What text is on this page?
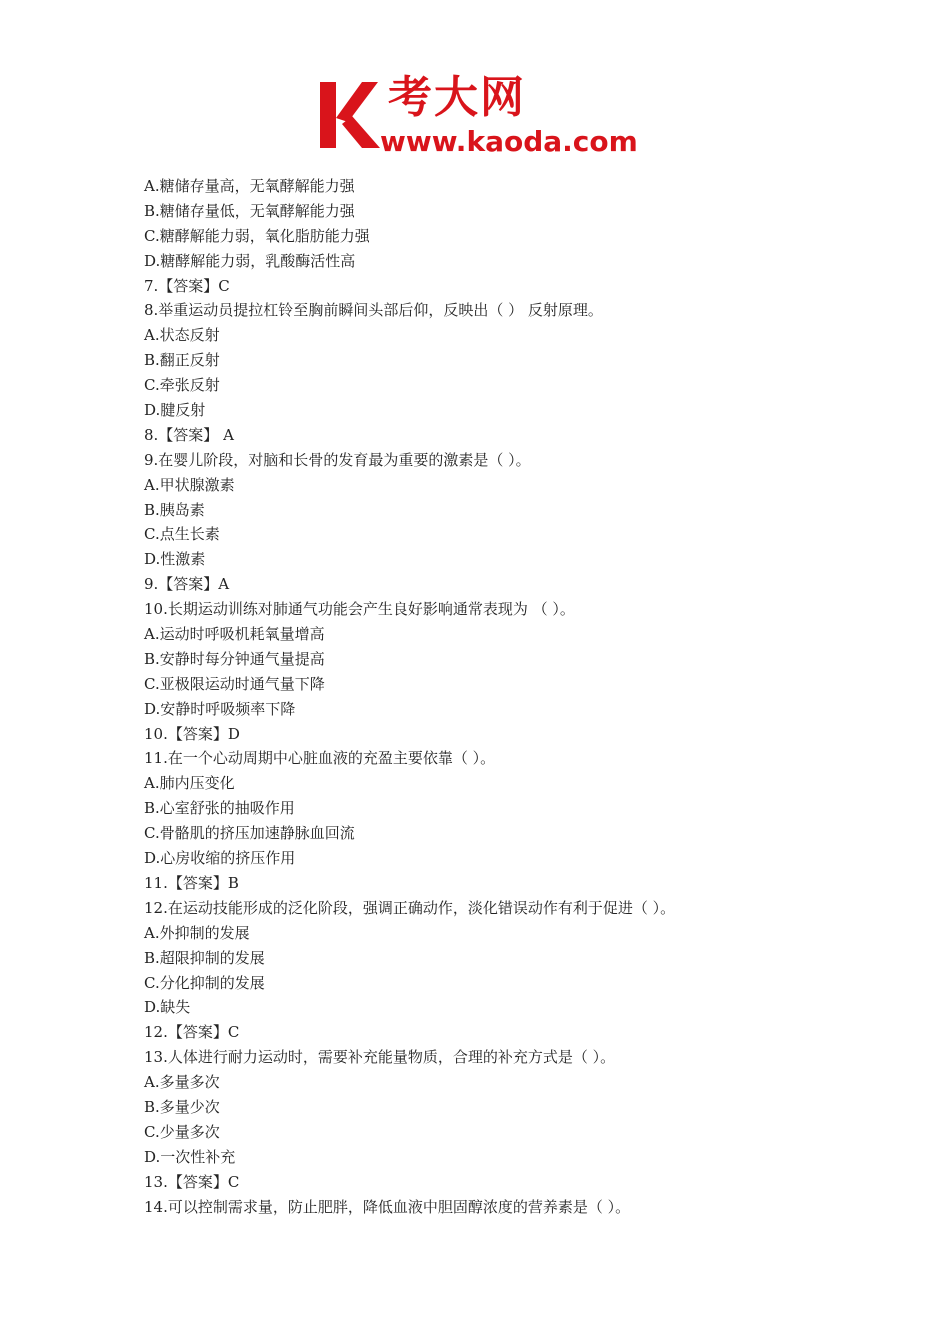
考大网
www.kaoda.com
A.糖储存量高，无氧酵解能力强
B.糖储存量低，无氧酵解能力强
C.糖酵解能力弱，氧化脂肪能力强
D.糖酵解能力弱，乳酸酶活性高
7.【答案】C
8.举重运动员提拉杠铃至胸前瞬间头部后仰，反映出（ ） 反射原理。
A.状态反射
B.翻正反射
C.牵张反射
D.腱反射
8.【答案】 A
9.在婴儿阶段，对脑和长骨的发育最为重要的激素是（ ）。
A.甲状腺激素
B.胰岛素
C.点生长素
D.性激素
9.【答案】A
10.长期运动训练对肺通气功能会产生良好影响通常表现为 （ ）。
A.运动时呼吸机耗氧量增高
B.安静时每分钟通气量提高
C.亚极限运动时通气量下降
D.安静时呼吸频率下降
10.【答案】D
11.在一个心动周期中心脏血液的充盈主要依靠（ ）。
A.肺内压变化
B.心室舒张的抽吸作用
C.骨骼肌的挤压加速静脉血回流
D.心房收缩的挤压作用
11.【答案】B
12.在运动技能形成的泛化阶段，强调正确动作，淡化错误动作有利于促进（ ）。
A.外抑制的发展
B.超限抑制的发展
C.分化抑制的发展
D.缺失
12.【答案】C
13.人体进行耐力运动时，需要补充能量物质，合理的补充方式是（ ）。
A.多量多次
B.多量少次
C.少量多次
D.一次性补充
13.【答案】C
14.可以控制需求量，防止肥胖，降低血液中胆固醇浓度的营养素是（ ）。
